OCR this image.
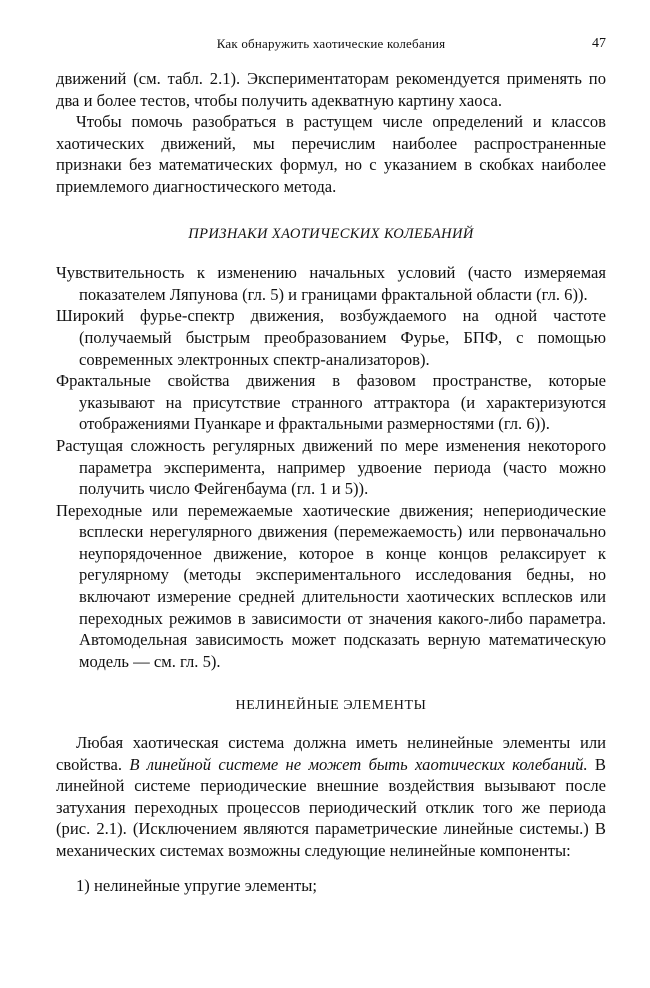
Как обнаружить хаотические колебания	47

движений (см. табл. 2.1). Экспериментаторам рекомендуется применять по два и более тестов, чтобы получить адекватную картину хаоса.

Чтобы помочь разобраться в растущем числе определений и классов хаотических движений, мы перечислим наиболее распространенные признаки без математических формул, но с указанием в скобках наиболее приемлемого диагностического метода.

ПРИЗНАКИ ХАОТИЧЕСКИХ КОЛЕБАНИЙ
Чувствительность к изменению начальных условий (часто измеряемая показателем Ляпунова (гл. 5) и границами фрактальной области (гл. 6)).
Широкий фурье-спектр движения, возбуждаемого на одной частоте (получаемый быстрым преобразованием Фурье, БПФ, с помощью современных электронных спектр-анализаторов).
Фрактальные свойства движения в фазовом пространстве, которые указывают на присутствие странного аттрактора (и характеризуются отображениями Пуанкаре и фрактальными размерностями (гл. 6)).
Растущая сложность регулярных движений по мере изменения некоторого параметра эксперимента, например удвоение периода (часто можно получить число Фейгенбаума (гл. 1 и 5)).
Переходные или перемежаемые хаотические движения; непериодические всплески нерегулярного движения (перемежаемость) или первоначально неупорядоченное движение, которое в конце концов релаксирует к регулярному (методы экспериментального исследования бедны, но включают измерение средней длительности хаотических всплесков или переходных режимов в зависимости от значения какого-либо параметра. Автомодельная зависимость может подсказать верную математическую модель — см. гл. 5).
НЕЛИНЕЙНЫЕ ЭЛЕМЕНТЫ

Любая хаотическая система должна иметь нелинейные элементы или свойства. В линейной системе не может быть хаотических колебаний. В линейной системе периодические внешние воздействия вызывают после затухания переходных процессов периодический отклик того же периода (рис. 2.1). (Исключением являются параметрические линейные системы.) В механических системах возможны следующие нелинейные компоненты:

1) нелинейные упругие элементы;
